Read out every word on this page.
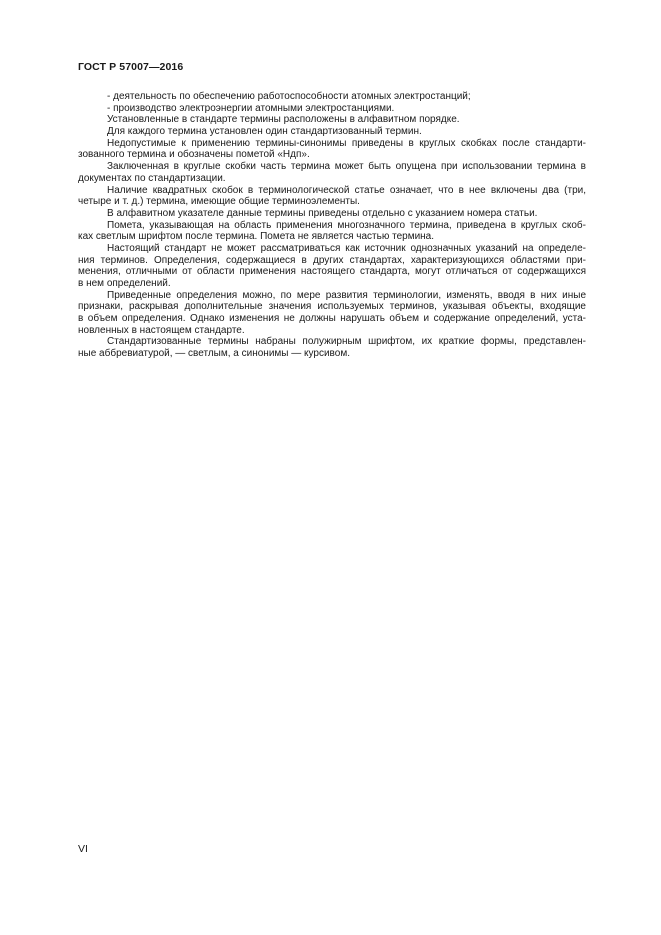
ГОСТ Р 57007—2016
- деятельность по обеспечению работоспособности атомных электростанций;
- производство электроэнергии атомными электростанциями.
Установленные в стандарте термины расположены в алфавитном порядке.
Для каждого термина установлен один стандартизованный термин.
Недопустимые к применению термины-синонимы приведены в круглых скобках после стандарти-
зованного термина и обозначены пометой «Ндп».
Заключенная в круглые скобки часть термина может быть опущена при использовании термина в
документах по стандартизации.
Наличие квадратных скобок в терминологической статье означает, что в нее включены два (три,
четыре и т. д.) термина, имеющие общие терминоэлементы.
В алфавитном указателе данные термины приведены отдельно с указанием номера статьи.
Помета, указывающая на область применения многозначного термина, приведена в круглых скоб-
ках светлым шрифтом после термина. Помета не является частью термина.
Настоящий стандарт не может рассматриваться как источник однозначных указаний на определе-
ния терминов. Определения, содержащиеся в других стандартах, характеризующихся областями при-
менения, отличными от области применения настоящего стандарта, могут отличаться от содержащихся
в нем определений.
Приведенные определения можно, по мере развития терминологии, изменять, вводя в них иные
признаки, раскрывая дополнительные значения используемых терминов, указывая объекты, входящие
в объем определения. Однако изменения не должны нарушать объем и содержание определений, уста-
новленных в настоящем стандарте.
Стандартизованные термины набраны полужирным шрифтом, их краткие формы, представлен-
ные аббревиатурой, — светлым, а синонимы — курсивом.
VI
